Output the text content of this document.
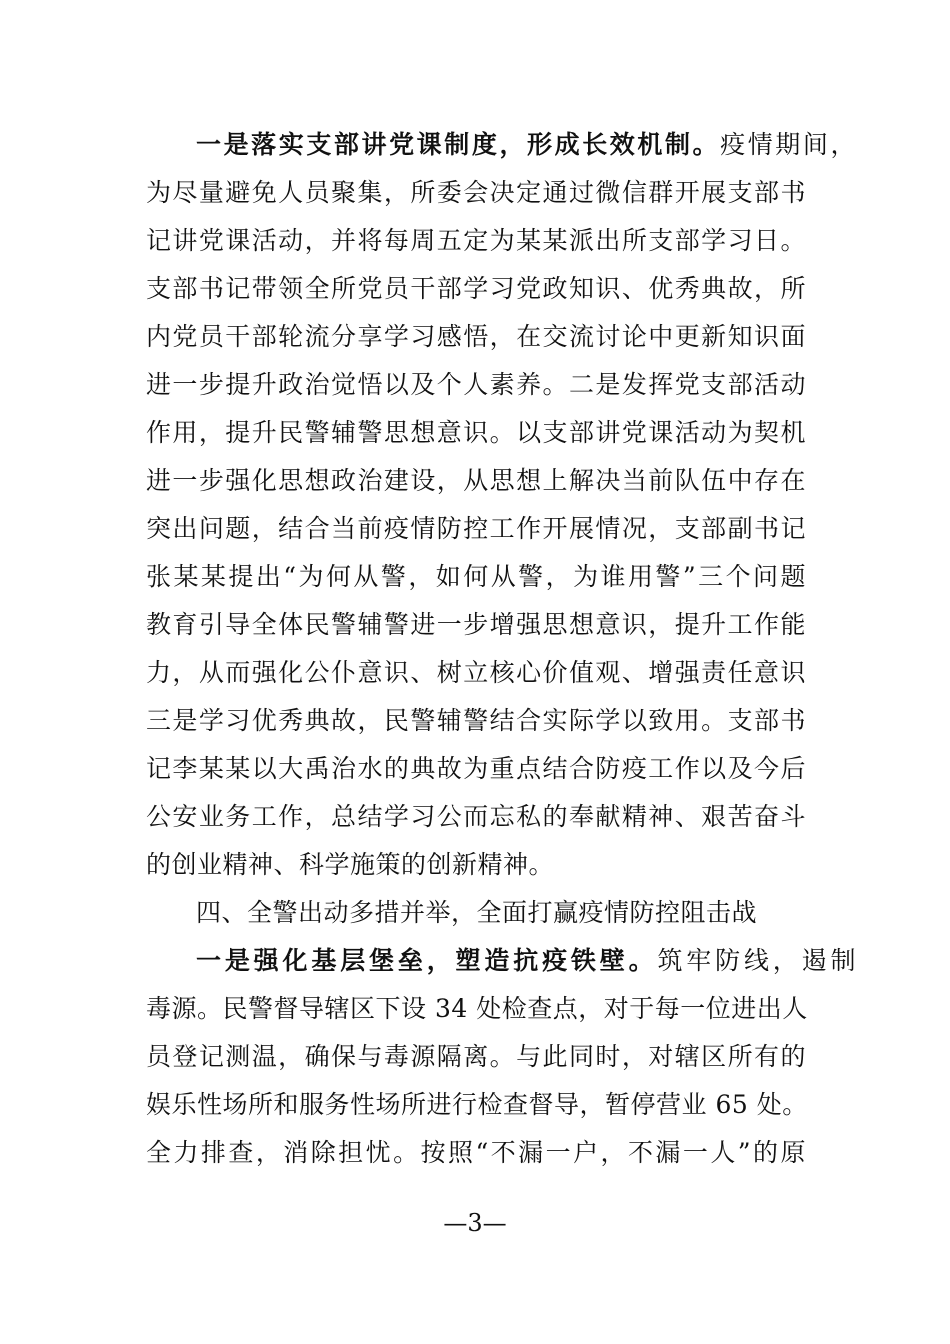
一是落实支部讲党课制度，形成长效机制。疫情期间，
为尽量避免人员聚集，所委会决定通过微信群开展支部书
记讲党课活动，并将每周五定为某某派出所支部学习日。
支部书记带领全所党员干部学习党政知识、优秀典故，所
内党员干部轮流分享学习感悟，在交流讨论中更新知识面
进一步提升政治觉悟以及个人素养。二是发挥党支部活动
作用，提升民警辅警思想意识。以支部讲党课活动为契机
进一步强化思想政治建设，从思想上解决当前队伍中存在
突出问题，结合当前疫情防控工作开展情况，支部副书记
张某某提出“为何从警，如何从警，为谁用警”三个问题
教育引导全体民警辅警进一步增强思想意识，提升工作能
力，从而强化公仆意识、树立核心价值观、增强责任意识
三是学习优秀典故，民警辅警结合实际学以致用。支部书
记李某某以大禹治水的典故为重点结合防疫工作以及今后
公安业务工作，总结学习公而忘私的奉献精神、艰苦奋斗
的创业精神、科学施策的创新精神。
四、全警出动多措并举，全面打赢疫情防控阻击战
一是强化基层堡垒，塑造抗疫铁壁。筑牢防线，遏制
毒源。民警督导辖区下设 34 处检查点，对于每一位进出人
员登记测温，确保与毒源隔离。与此同时，对辖区所有的
娱乐性场所和服务性场所进行检查督导，暂停营业 65 处。
全力排查，消除担忧。按照“不漏一户，不漏一人”的原
—3—
